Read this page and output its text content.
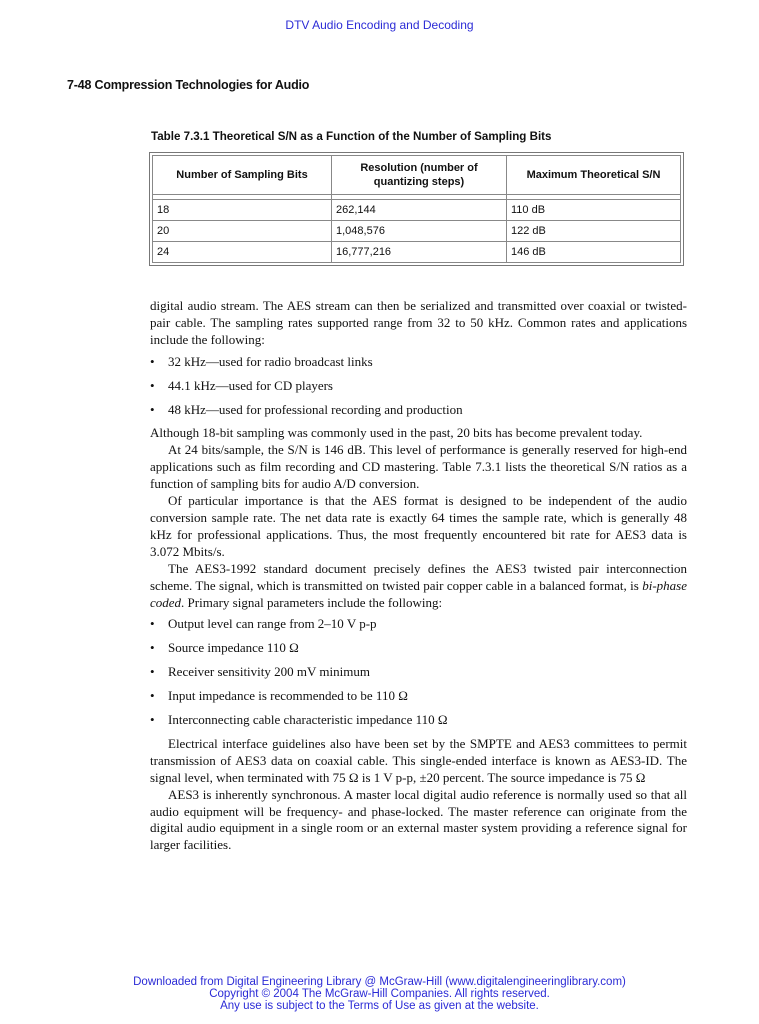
DTV Audio Encoding and Decoding
7-48 Compression Technologies for Audio
Table 7.3.1 Theoretical S/N as a Function of the Number of Sampling Bits
Number of Sampling Bits	Resolution (number of quantizing steps)	Maximum Theoretical S/N

18	262,144	110 dB
20	1,048,576	122 dB
24	16,777,216	146 dB

digital audio stream. The AES stream can then be serialized and transmitted over coaxial or twisted-pair cable. The sampling rates supported range from 32 to 50 kHz. Common rates and applications include the following:

• 32 kHz—used for radio broadcast links
• 44.1 kHz—used for CD players
• 48 kHz—used for professional recording and production

Although 18-bit sampling was commonly used in the past, 20 bits has become prevalent today.

At 24 bits/sample, the S/N is 146 dB. This level of performance is generally reserved for high-end applications such as film recording and CD mastering. Table 7.3.1 lists the theoretical S/N ratios as a function of sampling bits for audio A/D conversion.

Of particular importance is that the AES format is designed to be independent of the audio conversion sample rate. The net data rate is exactly 64 times the sample rate, which is generally 48 kHz for professional applications. Thus, the most frequently encountered bit rate for AES3 data is 3.072 Mbits/s.

The AES3-1992 standard document precisely defines the AES3 twisted pair interconnection scheme. The signal, which is transmitted on twisted pair copper cable in a balanced format, is bi-phase coded. Primary signal parameters include the following:

• Output level can range from 2–10 V p-p
• Source impedance 110 Ω
• Receiver sensitivity 200 mV minimum
• Input impedance is recommended to be 110 Ω
• Interconnecting cable characteristic impedance 110 Ω

Electrical interface guidelines also have been set by the SMPTE and AES3 committees to permit transmission of AES3 data on coaxial cable. This single-ended interface is known as AES3-ID. The signal level, when terminated with 75 Ω is 1 V p-p, ±20 percent. The source impedance is 75 Ω

AES3 is inherently synchronous. A master local digital audio reference is normally used so that all audio equipment will be frequency- and phase-locked. The master reference can originate from the digital audio equipment in a single room or an external master system providing a reference signal for larger facilities.

Downloaded from Digital Engineering Library @ McGraw-Hill (www.digitalengineeringlibrary.com)
Copyright © 2004 The McGraw-Hill Companies. All rights reserved.
Any use is subject to the Terms of Use as given at the website.
